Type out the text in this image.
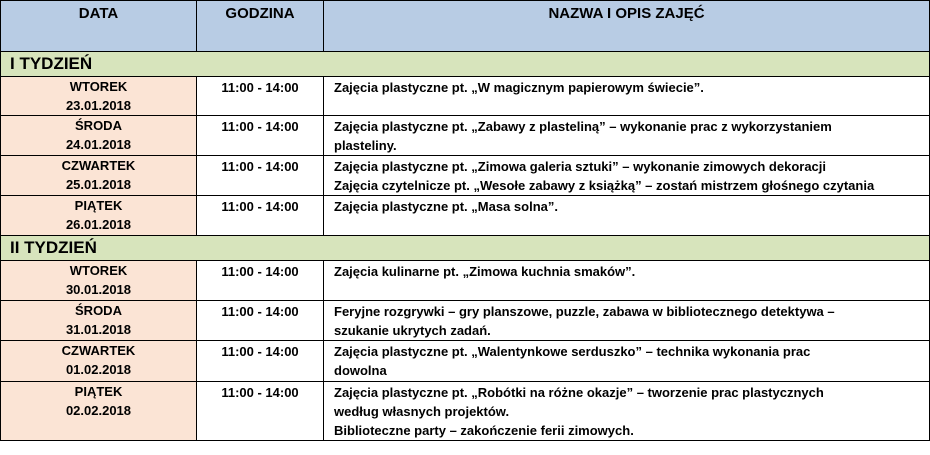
DATA	GODZINA	NAZWA I OPIS ZAJĘĆ
I TYDZIEŃ		

WTOREK
23.01.2018	11:00 - 14:00	Zajęcia plastyczne pt. „W magicznym papierowym świecie”.

ŚRODA
24.01.2018	11:00 - 14:00	Zajęcia plastyczne pt. „Zabawy z plasteliną” – wykonanie prac z wykorzystaniem
plasteliny.

CZWARTEK
25.01.2018	11:00 - 14:00	Zajęcia plastyczne pt. „Zimowa galeria sztuki” – wykonanie zimowych dekoracji
Zajęcia czytelnicze pt. „Wesołe zabawy z książką” – zostań mistrzem głośnego czytania

PIĄTEK
26.01.2018	11:00 - 14:00	Zajęcia plastyczne pt. „Masa solna”.

II TYDZIEŃ		

WTOREK
30.01.2018	11:00 - 14:00	Zajęcia kulinarne pt. „Zimowa kuchnia smaków”.

ŚRODA
31.01.2018	11:00 - 14:00	Feryjne rozgrywki – gry planszowe, puzzle, zabawa w bibliotecznego detektywa –
szukanie ukrytych zadań.

CZWARTEK
01.02.2018	11:00 - 14:00	Zajęcia plastyczne pt. „Walentynkowe serduszko” – technika wykonania prac
dowolna

PIĄTEK
02.02.2018	11:00 - 14:00	Zajęcia plastyczne pt. „Robótki na różne okazje” – tworzenie prac plastycznych
według własnych projektów.
Biblioteczne party – zakończenie ferii zimowych.
